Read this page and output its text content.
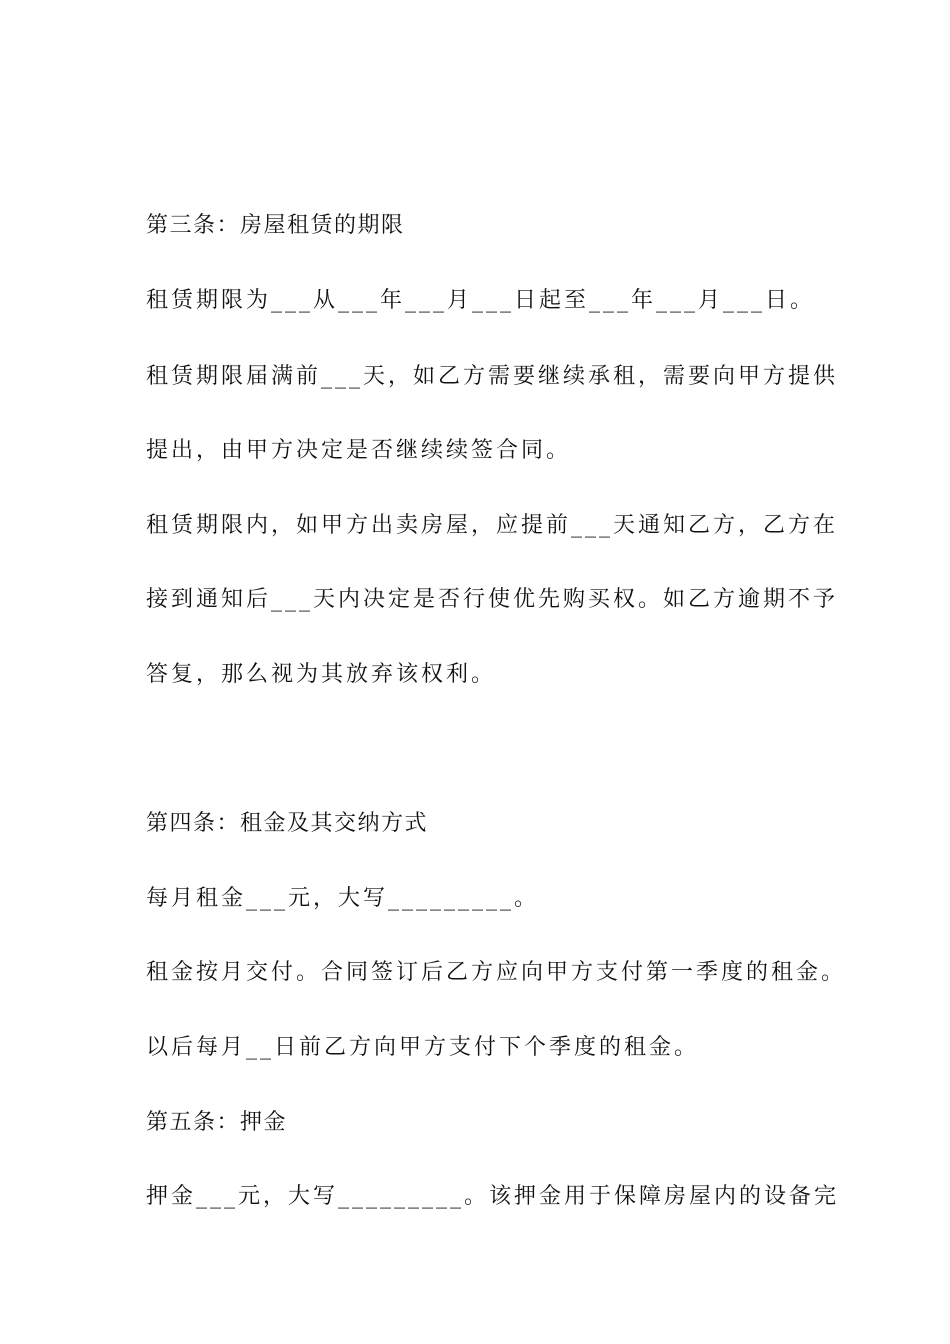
第三条：房屋租赁的期限
租赁期限为___从___年___月___日起至___年___月___日。
租赁期限届满前___天，如乙方需要继续承租，需要向甲方提供
提出，由甲方决定是否继续续签合同。
租赁期限内，如甲方出卖房屋，应提前___天通知乙方，乙方在
接到通知后___天内决定是否行使优先购买权。如乙方逾期不予
答复，那么视为其放弃该权利。
第四条：租金及其交纳方式
每月租金___元，大写_________。
租金按月交付。合同签订后乙方应向甲方支付第一季度的租金。
以后每月__日前乙方向甲方支付下个季度的租金。
第五条：押金
押金___元，大写_________。该押金用于保障房屋内的设备完
